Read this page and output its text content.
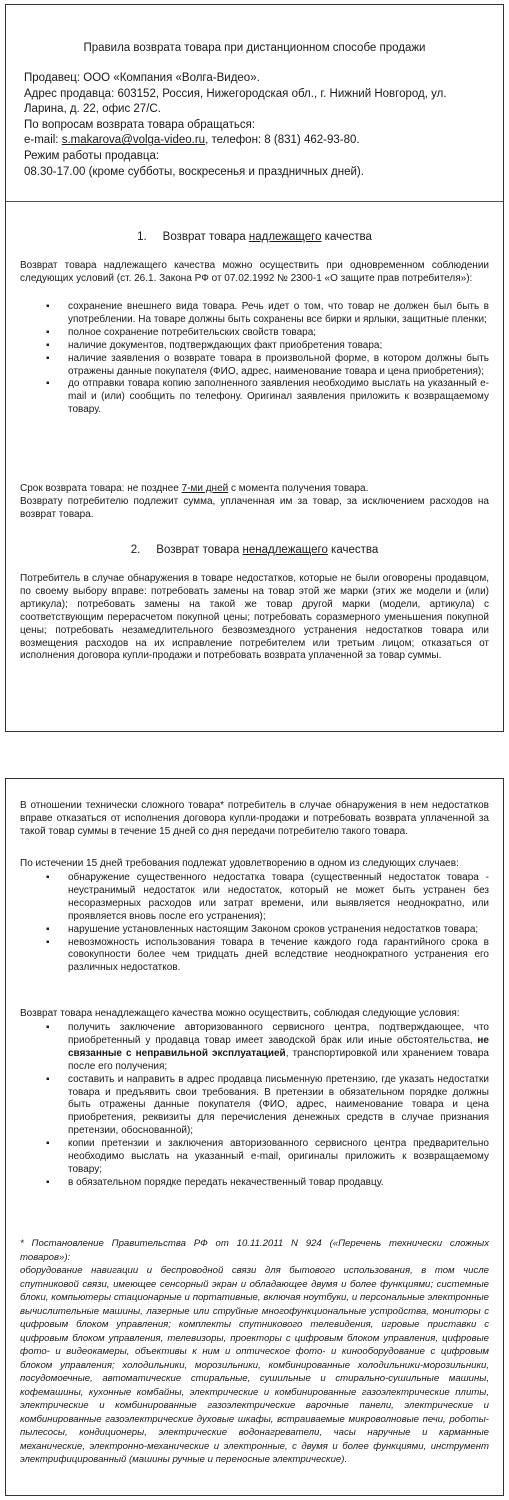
Правила возврата товара при дистанционном способе продажи
Продавец: ООО «Компания «Волга-Видео».
Адрес продавца: 603152, Россия, Нижегородская обл., г. Нижний Новгород, ул. Ларина, д. 22, офис 27/С.
По вопросам возврата товара обращаться:
e-mail: s.makarova@volga-video.ru, телефон: 8 (831) 462-93-80.
Режим работы продавца:
08.30-17.00 (кроме субботы, воскресенья и праздничных дней).
1. Возврат товара надлежащего качества

Возврат товара надлежащего качества можно осуществить при одновременном соблюдении следующих условий (ст. 26.1. Закона РФ от 07.02.1992 № 2300-1 «О защите прав потребителя»):

▪ сохранение внешнего вида товара. Речь идет о том, что товар не должен был быть в употреблении. На товаре должны быть сохранены все бирки и ярлыки, защитные пленки;
▪ полное сохранение потребительских свойств товара;
▪ наличие документов, подтверждающих факт приобретения товара;
▪ наличие заявления о возврате товара в произвольной форме, в котором должны быть отражены данные покупателя (ФИО, адрес, наименование товара и цена приобретения);
▪ до отправки товара копию заполненного заявления необходимо выслать на указанный e-mail и (или) сообщить по телефону. Оригинал заявления приложить к возвращаемому товару.

Срок возврата товара: не позднее 7-ми дней с момента получения товара.

Возврату потребителю подлежит сумма, уплаченная им за товар, за исключением расходов на возврат товара.

2. Возврат товара ненадлежащего качества

Потребитель в случае обнаружения в товаре недостатков, которые не были оговорены продавцом, по своему выбору вправе: потребовать замены на товар этой же марки (этих же модели и (или) артикула); потребовать замены на такой же товар другой марки (модели, артикула) с соответствующим перерасчетом покупной цены; потребовать соразмерного уменьшения покупной цены; потребовать незамедлительного безвозмездного устранения недостатков товара или возмещения расходов на их исправление потребителем или третьим лицом; отказаться от исполнения договора купли-продажи и потребовать возврата уплаченной за товар суммы.

В отношении технически сложного товара* потребитель в случае обнаружения в нем недостатков вправе отказаться от исполнения договора купли-продажи и потребовать возврата уплаченной за такой товар суммы в течение 15 дней со дня передачи потребителю такого товара.

По истечении 15 дней требования подлежат удовлетворению в одном из следующих случаев:

▪ обнаружение существенного недостатка товара (существенный недостаток товара - неустранимый недостаток или недостаток, который не может быть устранен без несоразмерных расходов или затрат времени, или выявляется неоднократно, или проявляется вновь после его устранения);
▪ нарушение установленных настоящим Законом сроков устранения недостатков товара;
▪ невозможность использования товара в течение каждого года гарантийного срока в совокупности более чем тридцать дней вследствие неоднократного устранения его различных недостатков.

Возврат товара ненадлежащего качества можно осуществить, соблюдая следующие условия:

▪ получить заключение авторизованного сервисного центра, подтверждающее, что приобретенный у продавца товар имеет заводской брак или иные обстоятельства, не связанные с неправильной эксплуатацией, транспортировкой или хранением товара после его получения;
▪ составить и направить в адрес продавца письменную претензию, где указать недостатки товара и предъявить свои требования. В претензии в обязательном порядке должны быть отражены данные покупателя (ФИО, адрес, наименование товара и цена приобретения, реквизиты для перечисления денежных средств в случае признания претензии, обоснованной);
▪ копии претензии и заключения авторизованного сервисного центра предварительно необходимо выслать на указанный e-mail, оригиналы приложить к возвращаемому товару;
▪ в обязательном порядке передать некачественный товар продавцу.
* Постановление Правительства РФ от 10.11.2011 N 924 («Перечень технически сложных товаров»):
оборудование навигации и беспроводной связи для бытового использования, в том числе спутниковой связи, имеющее сенсорный экран и обладающее двумя и более функциями; системные блоки, компьютеры стационарные и портативные, включая ноутбуки, и персональные электронные вычислительные машины, лазерные или струйные многофункциональные устройства, мониторы с цифровым блоком управления; комплекты спутникового телевидения, игровые приставки с цифровым блоком управления, телевизоры, проекторы с цифровым блоком управления, цифровые фото- и видеокамеры, объективы к ним и оптическое фото- и кинооборудование с цифровым блоком управления; холодильники, морозильники, комбинированные холодильники-морозильники, посудомоечные, автоматические стиральные, сушильные и стирально-сушильные машины, кофемашины, кухонные комбайны, электрические и комбинированные газоэлектрические плиты, электрические и комбинированные газоэлектрические варочные панели, электрические и комбинированные газоэлектрические духовые шкафы, встраиваемые микроволновые печи, роботы-пылесосы, кондиционеры, электрические водонагреватели, часы наручные и карманные механические, электронно-механические и электронные, с двумя и более функциями, инструмент электрифицированный (машины ручные и переносные электрические).
